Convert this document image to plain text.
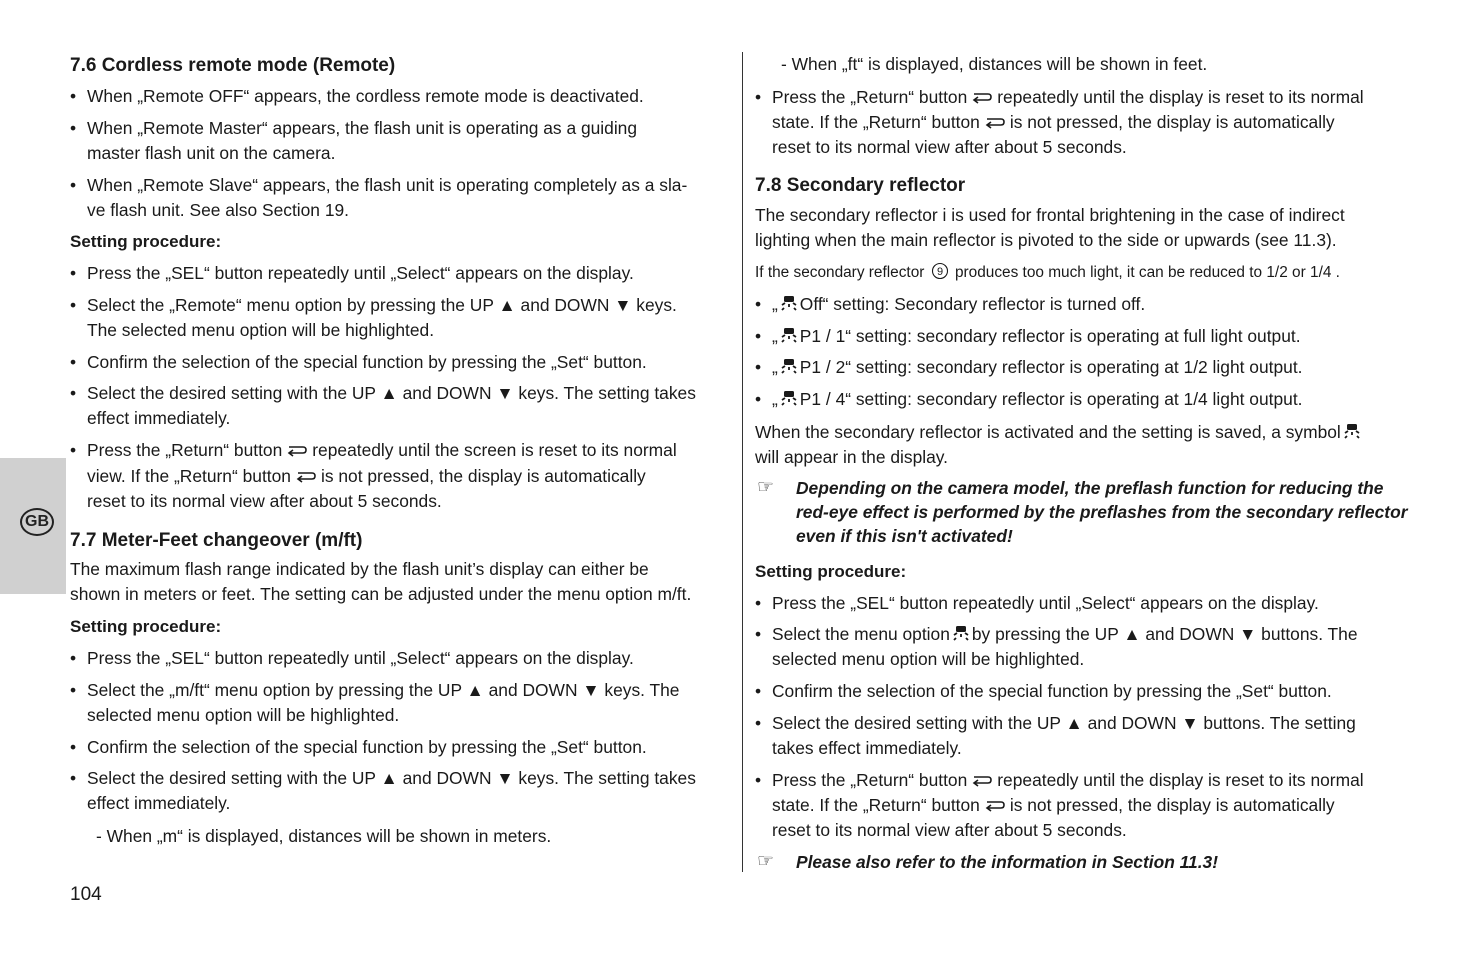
GB
7.6 Cordless remote mode (Remote)
• When „Remote OFF“ appears, the cordless remote mode is deactivated.
• When „Remote Master“ appears, the flash unit is operating as a guiding
master flash unit on the camera.
• When „Remote Slave“ appears, the flash unit is operating completely as a sla-
ve flash unit. See also Section 19.
Setting procedure:
• Press the „SEL“ button repeatedly until „Select“ appears on the display.
• Select the „Remote“ menu option by pressing the UP ▲ and DOWN ▼ keys.
The selected menu option will be highlighted.
• Confirm the selection of the special function by pressing the „Set“ button.
• Select the desired setting with the UP ▲ and DOWN ▼ keys. The setting takes
effect immediately.
• Press the „Return“ button repeatedly until the screen is reset to its normal
view. If the „Return“ button is not pressed, the display is automatically
reset to its normal view after about 5 seconds.
7.7 Meter-Feet changeover (m/ft)
The maximum flash range indicated by the flash unit’s display can either be
shown in meters or feet. The setting can be adjusted under the menu option m/ft.
Setting procedure:
• Press the „SEL“ button repeatedly until „Select“ appears on the display.
• Select the „m/ft“ menu option by pressing the UP ▲ and DOWN ▼ keys. The
selected menu option will be highlighted.
• Confirm the selection of the special function by pressing the „Set“ button.
• Select the desired setting with the UP ▲ and DOWN ▼ keys. The setting takes
effect immediately.
- When „m“ is displayed, distances will be shown in meters.
- When „ft“ is displayed, distances will be shown in feet.
• Press the „Return“ button repeatedly until the display is reset to its normal
state. If the „Return“ button is not pressed, the display is automatically
reset to its normal view after about 5 seconds.
7.8 Secondary reflector
The secondary reflector i is used for frontal brightening in the case of indirect
lighting when the main reflector is pivoted to the side or upwards (see 11.3).
If the secondary reflector 9 produces too much light, it can be reduced to 1/2 or 1/4 .
• „ Off“ setting: Secondary reflector is turned off.
• „ P1 / 1“ setting: secondary reflector is operating at full light output.
• „ P1 / 2“ setting: secondary reflector is operating at 1/2 light output.
• „ P1 / 4“ setting: secondary reflector is operating at 1/4 light output.
When the secondary reflector is activated and the setting is saved, a symbol
will appear in the display.
☞ Depending on the camera model, the preflash function for reducing the
red-eye effect is performed by the preflashes from the secondary reflector
even if this isn't activated!
Setting procedure:
• Press the „SEL“ button repeatedly until „Select“ appears on the display.
• Select the menu option by pressing the UP ▲ and DOWN ▼ buttons. The
selected menu option will be highlighted.
• Confirm the selection of the special function by pressing the „Set“ button.
• Select the desired setting with the UP ▲ and DOWN ▼ buttons. The setting
takes effect immediately.
• Press the „Return“ button repeatedly until the display is reset to its normal
state. If the „Return“ button is not pressed, the display is automatically
reset to its normal view after about 5 seconds.
☞ Please also refer to the information in Section 11.3!
104
